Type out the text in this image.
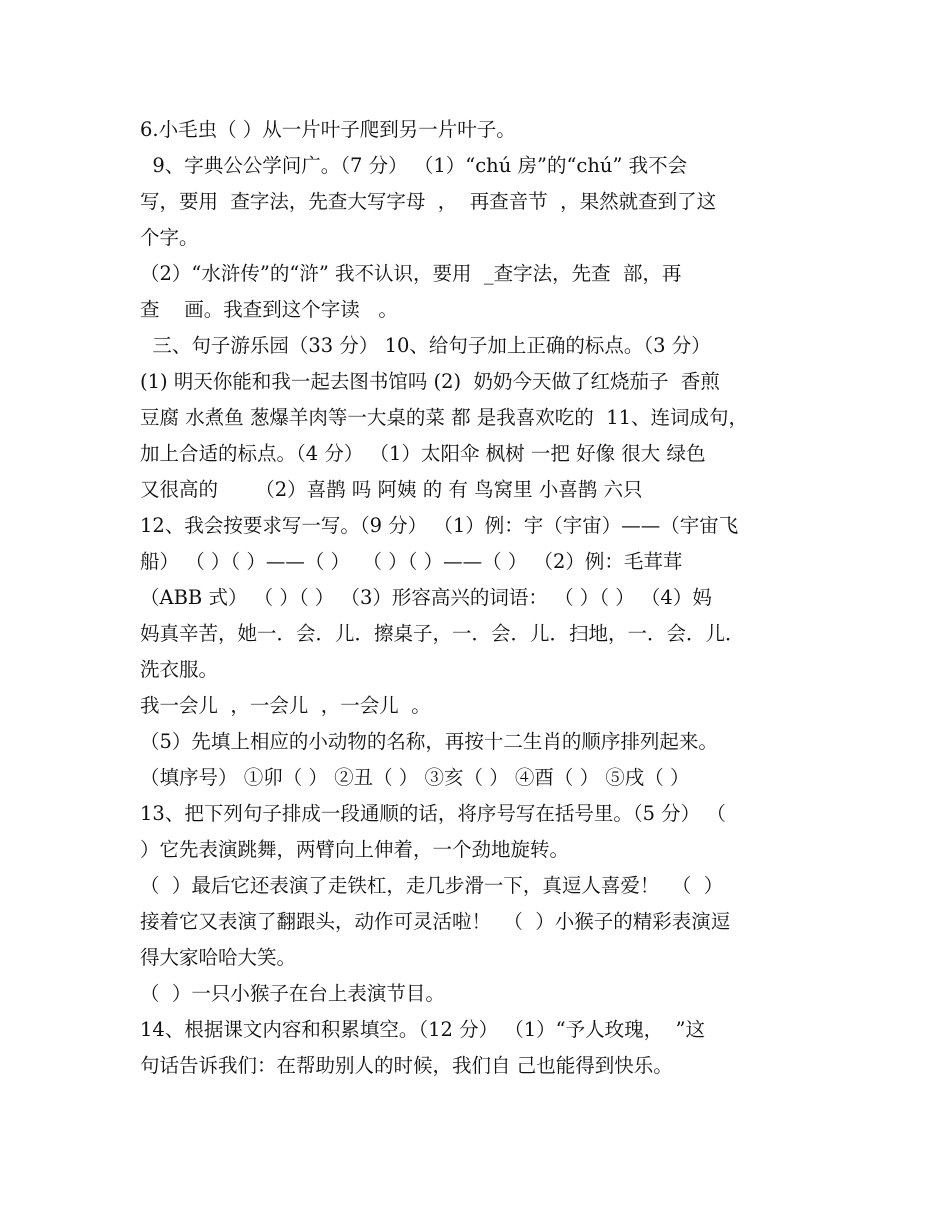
6.小毛虫（ ）从一片叶子爬到另一片叶子。
9、字典公公学问广。（7 分） （1）“chú 房”的“chú” 我不会
写，要用  查字法，先查大写字母  ，  再查音节  ，果然就查到了这
个字。
（2）“水浒传”的“浒” 我不认识，要用  _查字法，先查  部，再
查    画。我查到这个字读   。
三、句子游乐园（33 分） 10、给句子加上正确的标点。（3 分）
(1) 明天你能和我一起去图书馆吗 (2)  奶奶今天做了红烧茄子  香煎
豆腐 水煮鱼 葱爆羊肉等一大桌的菜 都 是我喜欢吃的  11、连词成句，
加上合适的标点。（4 分） （1）太阳伞 枫树 一把 好像 很大 绿色
又很高的      （2）喜鹊 吗 阿姨 的 有 鸟窝里 小喜鹊 六只
12、我会按要求写一写。（9 分） （1）例：宇（宇宙）——（宇宙飞
船） （ ）（ ）——（ ）  （ ）（ ）——（ ） （2）例：毛茸茸
（ABB 式） （ ）（ ） （3）形容高兴的词语： （ ）（ ） （4）妈
妈真辛苦，她一．会．儿．擦桌子，一．会．儿．扫地，一．会．儿．
洗衣服。
我一会儿  ，一会儿  ，一会儿  。
（5）先填上相应的小动物的名称，再按十二生肖的顺序排列起来。
（填序号） ①卯（ ） ②丑（ ） ③亥（ ） ④酉（ ） ⑤戌（ ）
13、把下列句子排成一段通顺的话，将序号写在括号里。（5 分） （
）它先表演跳舞，两臂向上伸着，一个劲地旋转。
（  ）最后它还表演了走铁杠，走几步滑一下，真逗人喜爱！  （  ）
接着它又表演了翻跟头，动作可灵活啦！  （  ）小猴子的精彩表演逗
得大家哈哈大笑。
（  ）一只小猴子在台上表演节目。
14、根据课文内容和积累填空。（12 分） （1）“予人玫瑰，  ”这
句话告诉我们：在帮助别人的时候，我们自 己也能得到快乐。
